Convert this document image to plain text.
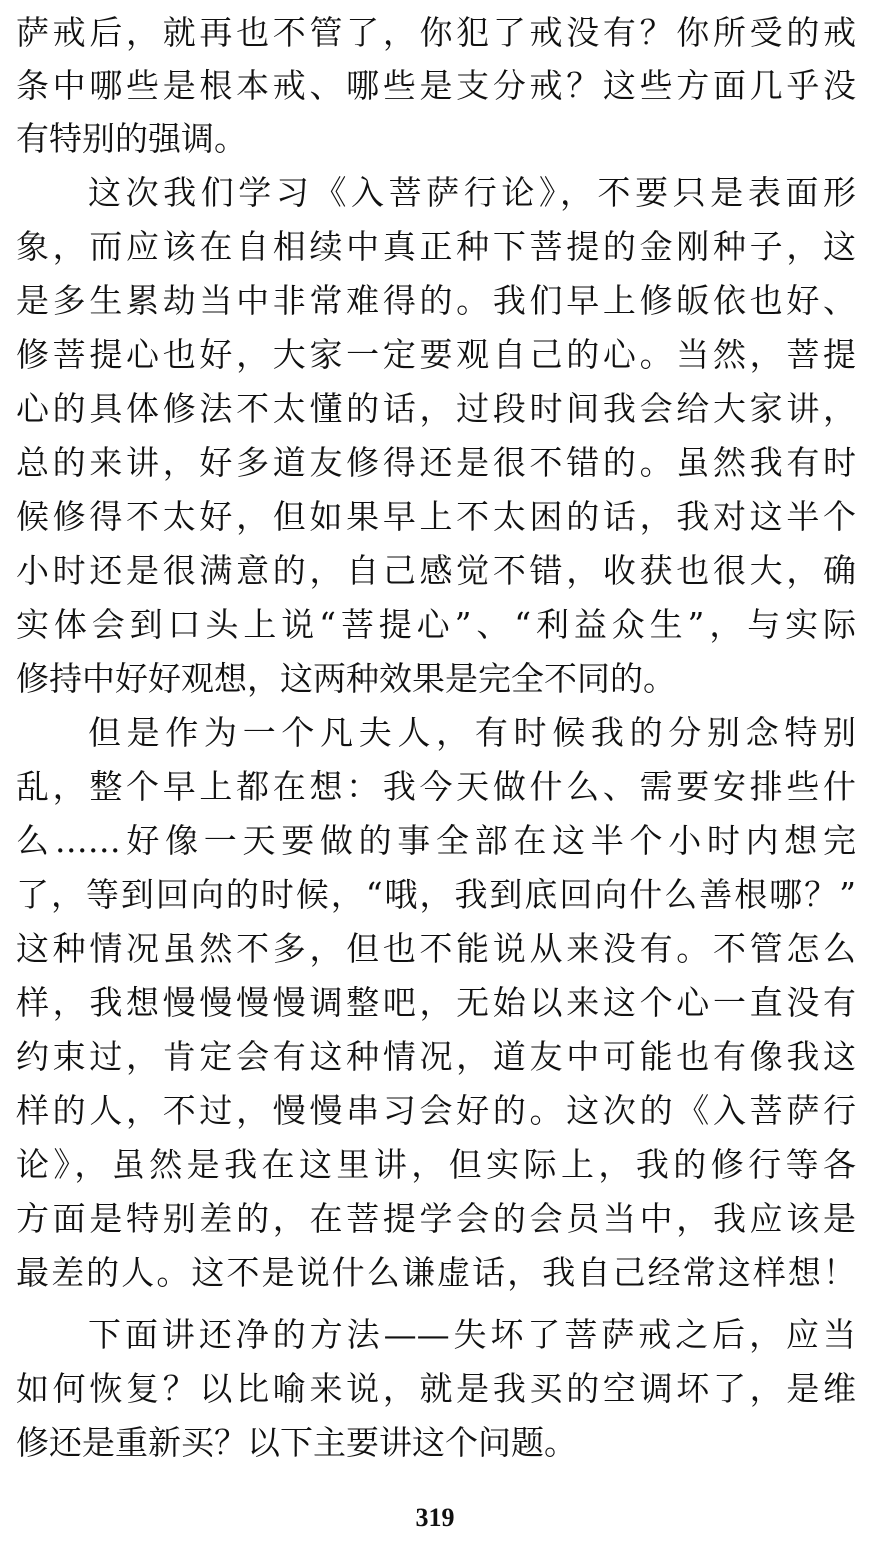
萨戒后，就再也不管了，你犯了戒没有？你所受的戒
条中哪些是根本戒、哪些是支分戒？这些方面几乎没
有特别的强调。
这次我们学习《入菩萨行论》，不要只是表面形
象，而应该在自相续中真正种下菩提的金刚种子，这
是多生累劫当中非常难得的。我们早上修皈依也好、
修菩提心也好，大家一定要观自己的心。当然，菩提
心的具体修法不太懂的话，过段时间我会给大家讲，
总的来讲，好多道友修得还是很不错的。虽然我有时
候修得不太好，但如果早上不太困的话，我对这半个
小时还是很满意的，自己感觉不错，收获也很大，确
实体会到口头上说“菩提心”、“利益众生”，与实际
修持中好好观想，这两种效果是完全不同的。
但是作为一个凡夫人，有时候我的分别念特别
乱，整个早上都在想：我今天做什么、需要安排些什
么……好像一天要做的事全部在这半个小时内想完
了，等到回向的时候，“哦，我到底回向什么善根哪？”
这种情况虽然不多，但也不能说从来没有。不管怎么
样，我想慢慢慢慢调整吧，无始以来这个心一直没有
约束过，肯定会有这种情况，道友中可能也有像我这
样的人，不过，慢慢串习会好的。这次的《入菩萨行
论》，虽然是我在这里讲，但实际上，我的修行等各
方面是特别差的，在菩提学会的会员当中，我应该是
最差的人。这不是说什么谦虚话，我自己经常这样想！
下面讲还净的方法——失坏了菩萨戒之后，应当
如何恢复？以比喻来说，就是我买的空调坏了，是维
修还是重新买？以下主要讲这个问题。
319
